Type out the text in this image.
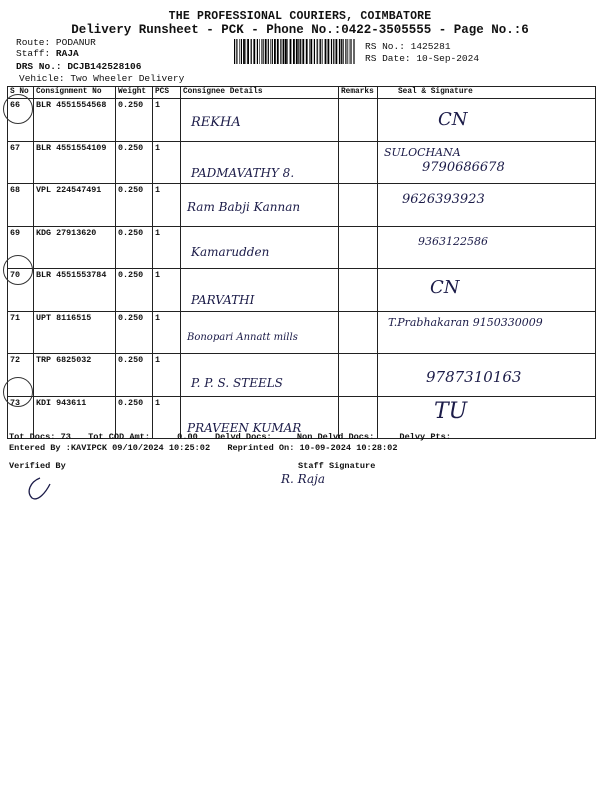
THE PROFESSIONAL COURIERS, COIMBATORE
Delivery Runsheet - PCK - Phone No.:0422-3505555 - Page No.:6
Route: PODANUR
Staff: RAJA
DRS No.: DCJB142528106
Vehicle: Two Wheeler Delivery
RS No.: 1425281
RS Date: 10-Sep-2024
S No	Consignment No	Weight	PCS	Consignee Details	Remarks	Seal & Signature
66	BLR 4551554568	0.250	1	REKHA		CN

67	BLR 4551554109	0.250	1	PADMAVATHY 8.		SULOCHANA
9790686678

68	VPL 224547491	0.250	1	Ram Babji Kannan		9626393923

69	KDG 27913620	0.250	1	Kamarudden		9363122586

70	BLR 4551553784	0.250	1	PARVATHI		CN

71	UPT 8116515	0.250	1	Bonopari Annatt mills		T.Prabhakaran 9150330009

72	TRP 6825032	0.250	1	P. P. S. STEELS		9787310163

73	KDI 943611	0.250	1	PRAVEEN KUMAR		TU
Tot Docs: 73 Tot COD Amt:	0.00 Delvd Docs:	Non Delvd Docs:	Delvy Pts:
Entered By :KAVIPCK 09/10/2024 10:25:02 Reprinted On: 10-09-2024 10:28:02
Verified By	Staff Signature
R. Raja
